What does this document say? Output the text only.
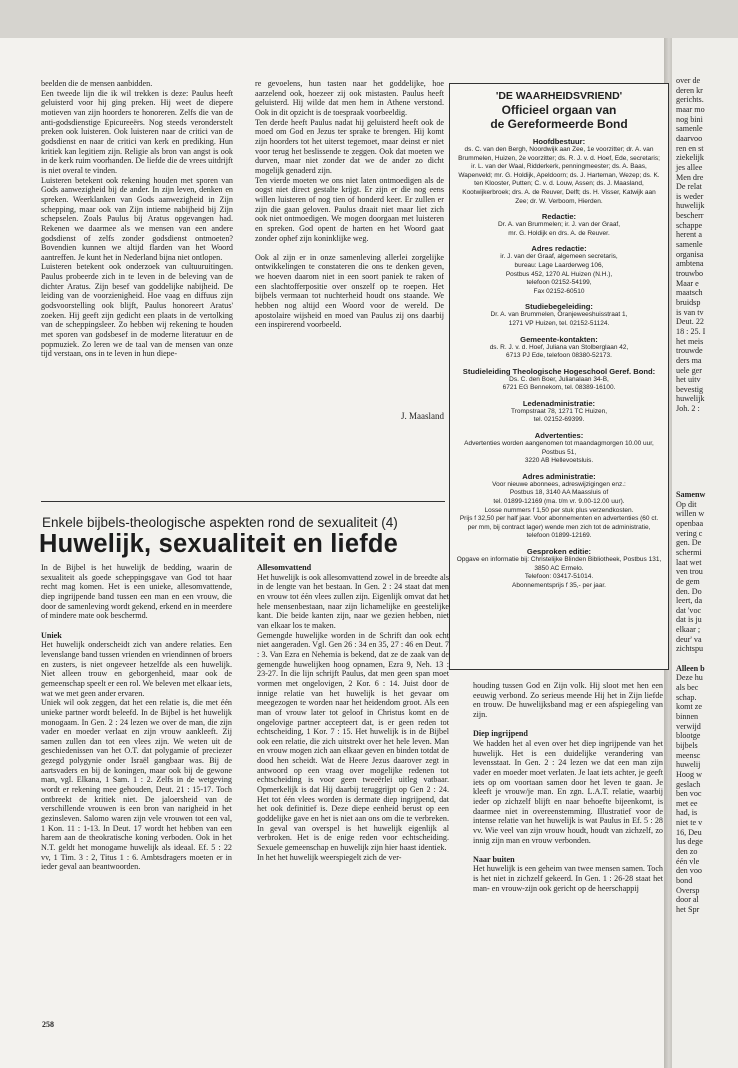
over de
deren kr
gerichts.
maar mo
nog bini
samenle
daarvoo
ren en st
ziekelijk
jes allee
Men dre
De relat
is weder
huwelijk
bescherr
schappe
herent a
samenle
organisa
ambtena
trouwbo
Maar e
maatsch
bruidsp
is van tv
Deut. 22
18 : 25. I
het meis
trouwde
ders ma
uele ger
het uitv
bevestig
huwelijk
Joh. 2 :
Samenw
Op dit
willen w
openbaa
vering c
gen. De
schermi
laat wet
ven trou
de gem
den. Do
leert, da
dat 'voc
dat is ju
elkaar ;
deur' va
zichtspu
Alleen b
Deze hu
als bec
schap.
komt ze
binnen
verwijd
blootge
bijbels
meensc
huwelij
Hoog w
geslach
ben voc
met ee
had, is
niet te v
16, Deu
lus dege
den zo
één vle
den voo
bond
Oversp
door al
het Spr
beelden die de mensen aanbidden.
Een tweede lijn die ik wil trekken is deze: Paulus heeft geluisterd voor hij ging preken. Hij weet de diepere motieven van zijn hoorders te honoreren. Zelfs die van de anti-godsdienstige Epicureeërs. Nog steeds veronderstelt preken ook luisteren. Ook luisteren naar de critici van de godsdienst en naar de critici van kerk en prediking. Hun kritiek kan legitiem zijn. Religie als bron van angst is ook in de kerk ruim voorhanden. De liefde die de vrees uitdrijft is niet overal te vinden.
Luisteren betekent ook rekening houden met sporen van Gods aanwezigheid bij de ander. In zijn leven, denken en spreken. Weerklanken van Gods aanwezigheid in Zijn schepping, maar ook van Zijn intieme nabijheid bij Zijn schepselen. Zoals Paulus bij Aratus opgevangen had. Rekenen we daarmee als we mensen van een andere godsdienst of zelfs zonder godsdienst ontmoeten? Bovendien kunnen we altijd flarden van het Woord aantreffen. Je kunt het in Nederland bijna niet ontlopen.
Luisteren betekent ook onderzoek van cultuuruitingen. Paulus probeerde zich in te leven in de beleving van de dichter Aratus. Zijn besef van goddelijke nabijheid. De leiding van de voorzienigheid. Hoe vaag en diffuus zijn godsvoorstelling ook blijft, Paulus honoreert Aratus' zoeken. Hij geeft zijn gedicht een plaats in de vertolking van de scheppingsleer. Zo hebben wij rekening te houden met sporen van godsbesef in de moderne literatuur en de popmuziek. Zo leren we de taal van de mensen van onze tijd verstaan, ons in te leven in hun diepe-
re gevoelens, hun tasten naar het goddelijke, hoe aarzelend ook, hoezeer zij ook mistasten. Paulus heeft geluisterd. Hij wilde dat men hem in Athene verstond. Ook in dit opzicht is de toespraak voorbeeldig.
Ten derde heeft Paulus nadat hij geluisterd heeft ook de moed om God en Jezus ter sprake te brengen. Hij komt zijn hoorders tot het uiterst tegemoet, maar deinst er niet voor terug het beslissende te zeggen. Ook dat moeten we durven, maar niet zonder dat we de ander zo dicht mogelijk genaderd zijn.
Ten vierde moeten we ons niet laten ontmoedigen als de oogst niet direct gestalte krijgt. Er zijn er die nog eens willen luisteren of nog tien of honderd keer. Er zullen er zijn die gaan geloven. Paulus draait niet maar liet zich ook niet ontmoedigen. We mogen doorgaan met luisteren en spreken. God opent de harten en het Woord gaat zonder ophef zijn koninklijke weg.

Ook al zijn er in onze samenleving allerlei zorgelijke ontwikkelingen te constateren die ons te denken geven, we hoeven daarom niet in een soort paniek te raken of een slachtofferpositie over onszelf op te roepen. Het bijbels vermaan tot nuchterheid houdt ons staande. We hebben nog altijd een Woord voor de wereld. De apostolaire wijsheid en moed van Paulus zij ons daarbij een inspirerend voorbeeld.
J. Maasland
'DE WAARHEIDSVRIEND'
Officieel orgaan van
de Gereformeerde Bond
Hoofdbestuur:
ds. C. van den Bergh, Noordwijk aan Zee, 1e voorzitter; dr. A. van Brummelen, Huizen, 2e voorzitter; ds. R. J. v. d. Hoef, Ede, secretaris; ir. L. van der Waal, Ridderkerk, penningmeester; ds. A. Baas, Wapenveld; mr. G. Holdijk, Apeldoorn; ds. J. Harteman, Wezep; ds. K. ten Klooster, Putten; C. v. d. Louw, Assen; ds. J. Maasland, Kootwijkerbroek; drs. A. de Reuver, Delft; ds. H. Visser, Katwijk aan Zee; dr. W. Verboom, Hierden.
Redactie:
Dr. A. van Brummelen; ir. J. van der Graaf,
mr. G. Holdijk en drs. A. de Reuver.
Adres redactie:
ir. J. van der Graaf, algemeen secretaris,
bureau: Lage Laarderweg 106,
Postbus 452, 1270 AL Huizen (N.H.),
telefoon 02152-54199,
Fax 02152-60510
Studiebegeleiding:
Dr. A. van Brummelen, Oranjeweeshuisstraat 1,
1271 VP Huizen, tel. 02152-51124.
Gemeente-kontakten:
ds. R. J. v. d. Hoef, Juliana van Stolberglaan 42,
6713 PJ Ede, telefoon 08380-52173.
Studieleiding Theologische Hogeschool Geref. Bond:
Ds. C. den Boer, Julianalaan 34-B,
6721 EG Bennekom, tel. 08389-16100.
Ledenadministratie:
Trompstraat 78, 1271 TC Huizen,
tel. 02152-69399.
Advertenties:
Advertenties worden aangenomen tot maandagmorgen 10.00 uur, Postbus 51,
3220 AB Hellevoetsluis.
Adres administratie:
Voor nieuwe abonnees, adreswijzigingen enz.:
Postbus 18, 3140 AA Maassluis of
tel. 01899-12169 (ma. t/m vr. 9.00-12.00 uur).
Losse nummers f 1,50 per stuk plus verzendkosten.
Prijs f 32,50 per half jaar. Voor abonnementen en advertenties (60 ct. per mm, bij contract lager) wende men zich tot de administratie,
telefoon 01899-12169.
Gesproken editie:
Opgave en informatie bij: Christelijke Blinden Bibliotheek, Postbus 131, 3850 AC Ermelo.
Telefoon: 03417-51014.
Abonnementsprijs f 35,- per jaar.
Enkele bijbels-theologische aspekten rond de sexualiteit (4)
Huwelijk, sexualiteit en liefde
In de Bijbel is het huwelijk de bedding, waarin de sexualiteit als goede scheppingsgave van God tot haar recht mag komen. Het is een unieke, allesomvattende, diep ingrijpende band tussen een man en een vrouw, die door de samenleving wordt gekend, erkend en in meerdere of mindere mate ook beschermd.

Uniek
Het huwelijk onderscheidt zich van andere relaties. Een levenslange band tussen vrienden en vriendinnen of broers en zusters, is niet ongeveer hetzelfde als een huwelijk. Niet alleen trouw en geborgenheid, maar ook de gemeenschap speelt er een rol. We beleven met elkaar iets, wat we met geen ander ervaren.
Uniek wil ook zeggen, dat het een relatie is, die met één unieke partner wordt beleefd. In de Bijbel is het huwelijk monogaam. In Gen. 2 : 24 lezen we over de man, die zijn vader en moeder verlaat en zijn vrouw aankleeft. Zij samen zullen dan tot een vlees zijn. We weten uit de geschiedenissen van het O.T. dat polygamie of preciezer gezegd polygynie onder Israël gangbaar was. Bij de aartsvaders en bij de koningen, maar ook bij de gewone man, vgl. Elkana, 1 Sam. 1 : 2. Zelfs in de wetgeving wordt er rekening mee gehouden, Deut. 21 : 15-17. Toch ontbreekt de kritiek niet. De jaloersheid van de verschillende vrouwen is een bron van narigheid in het gezinsleven. Salomo waren zijn vele vrouwen tot een val, 1 Kon. 11 : 1-13. In Deut. 17 wordt het hebben van een harem aan de theokratische koning verboden. Ook in het N.T. geldt het monogame huwelijk als ideaal. Ef. 5 : 22 vv, 1 Tim. 3 : 2, Titus 1 : 6. Ambtsdragers moeten er in ieder geval aan beantwoorden.
Allesomvattend
Het huwelijk is ook allesomvattend zowel in de breedte als in de lengte van het bestaan. In Gen. 2 : 24 staat dat men en vrouw tot één vlees zullen zijn. Eigenlijk omvat dat het hele mensenbestaan, naar zijn lichamelijke en geestelijke kant. Die beide kanten zijn, naar we gezien hebben, niet van elkaar los te maken.
Gemengde huwelijke worden in de Schrift dan ook echt niet aangeraden. Vgl. Gen 26 : 34 en 35, 27 : 46 en Deut. 7 : 3. Van Ezra en Nehemia is bekend, dat ze de zaak van de gemengde huwelijken hoog opnamen, Ezra 9, Neh. 13 : 23-27. In die lijn schrijft Paulus, dat men geen span moet vormen met ongelovigen, 2 Kor. 6 : 14. Juist door de innige relatie van het huwelijk is het gevaar om meegezogen te worden naar het heidendom groot. Als een man of vrouw later tot geloof in Christus komt en de ongelovige partner accepteert dat, is er geen reden tot echtscheiding, 1 Kor. 7 : 15. Het huwelijk is in de Bijbel ook een relatie, die zich uitstrekt over het hele leven. Man en vrouw mogen zich aan elkaar geven en binden totdat de dood hen scheidt. Wat de Heere Jezus daarover zegt in antwoord op een vraag over mogelijke redenen tot echtscheiding is voor geen tweeërlei uitleg vatbaar. Opmerkelijk is dat Hij daarbij teruggrijpt op Gen 2 : 24. Het tot één vlees worden is dermate diep ingrijpend, dat het ook definitief is. Deze diepe eenheid berust op een goddelijke gave en het is niet aan ons om die te verbreken. In geval van overspel is het huwelijk eigenlijk al verbroken. Het is de enige reden voor echtscheiding. Sexuele gemeenschap en huwelijk zijn hier haast identiek.
In het het huwelijk weerspiegelt zich de ver-
houding tussen God en Zijn volk. Hij sloot met hen een eeuwig verbond. Zo serieus meende Hij het in Zijn liefde en trouw. De huwelijksband mag er een afspiegeling van zijn.

Diep ingrijpend
We hadden het al even over het diep ingrijpende van het huwelijk. Het is een duidelijke verandering van levensstaat. In Gen. 2 : 24 lezen we dat een man zijn vader en moeder moet verlaten. Je laat iets achter, je geeft iets op om voortaan samen door het leven te gaan. Je kleeft je vrouw/je man. En zgn. L.A.T. relatie, waarbij ieder op zichzelf blijft en naar behoefte bijeenkomt, is daarmee niet in overeenstemming. Illustratief voor de intense relatie van het huwelijk is wat Paulus in Ef. 5 : 28 vv. Wie veel van zijn vrouw houdt, houdt van zichzelf, zo innig zijn man en vrouw verbonden.

Naar buiten
Het huwelijk is een geheim van twee mensen samen. Toch is het niet in zichzelf gekeerd. In Gen. 1 : 26-28 staat het man- en vrouw-zijn ook gericht op de heerschappij
258
